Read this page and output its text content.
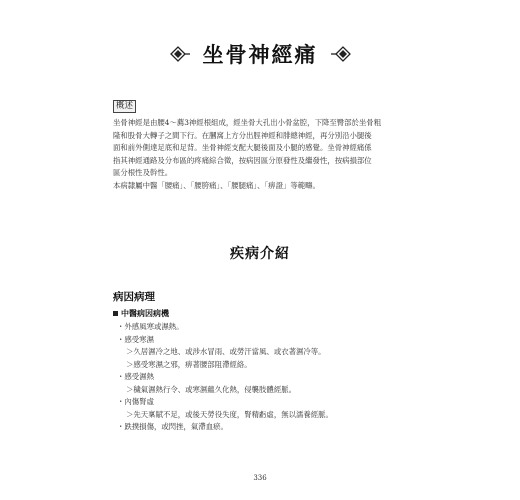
坐骨神經痛
概述

坐骨神經是由腰4～薦3神經根組成，經坐骨大孔出小骨盆腔，下降至臀部於坐骨粗

隆和股骨大轉子之間下行。在膕窩上方分出脛神經和腓總神經，再分別沿小腿後

面和前外側達足底和足背。坐骨神經支配大腿後面及小腿的感覺。坐骨神經痛係

指其神經通路及分布區的疼痛綜合徵，按病因區分原發性及繼發性，按病損部位

區分根性及幹性。

本病隸屬中醫「腰痛」、「腰胯痛」、「腰腿痛」、「痹證」等範疇。

疾病介紹
病因病理
中醫病因病機
・外感風寒或濕熱。
・感受寒濕
＞久居濕冷之地、或涉水冒雨、或勞汗當風、或衣著濕冷等。
＞感受寒濕之邪，痹著腰部阻滯經絡。
・感受濕熱
＞穢氣濕熱行令、或寒濕蘊久化熱，侵襲肢體經脈。
・內傷腎虛
＞先天稟賦不足，或後天勞役失度，腎精虧虛，無以濡養經脈。
・跌撲損傷，或閃挫，氣滯血瘀。
336
